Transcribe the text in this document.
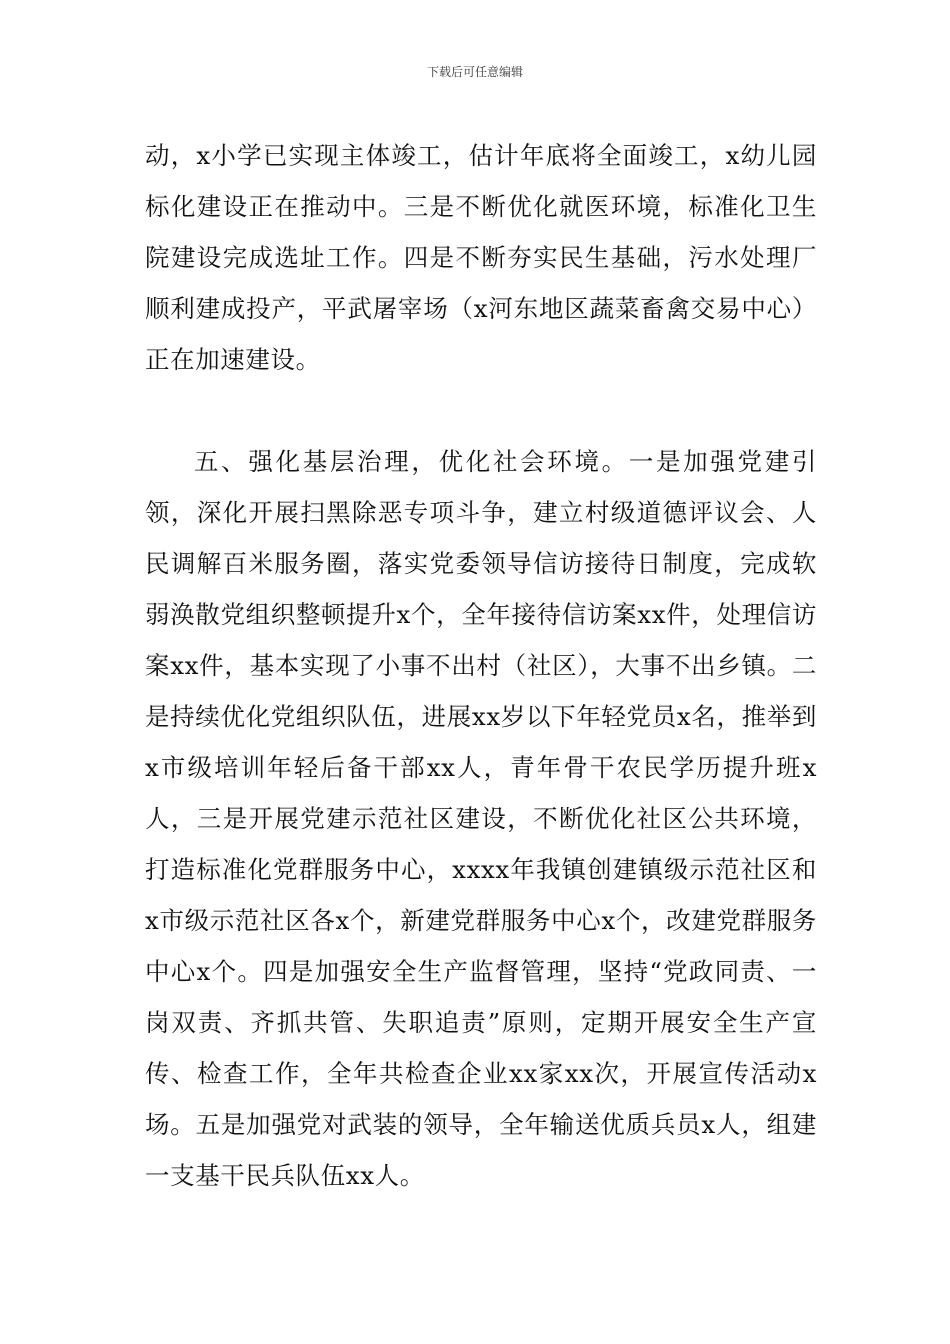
下载后可任意编辑

动，x小学已实现主体竣工，估计年底将全面竣工，x幼儿园标化建设正在推动中。三是不断优化就医环境，标准化卫生院建设完成选址工作。四是不断夯实民生基础，污水处理厂顺利建成投产，平武屠宰场（x河东地区蔬菜畜禽交易中心）正在加速建设。

五、强化基层治理，优化社会环境。一是加强党建引领，深化开展扫黑除恶专项斗争，建立村级道德评议会、人民调解百米服务圈，落实党委领导信访接待日制度，完成软弱涣散党组织整顿提升x个，全年接待信访案xx件，处理信访案xx件，基本实现了小事不出村（社区），大事不出乡镇。二是持续优化党组织队伍，进展xx岁以下年轻党员x名，推举到x市级培训年轻后备干部xx人，青年骨干农民学历提升班x人，三是开展党建示范社区建设，不断优化社区公共环境，打造标准化党群服务中心，xxxx年我镇创建镇级示范社区和x市级示范社区各x个，新建党群服务中心x个，改建党群服务中心x个。四是加强安全生产监督管理，坚持“党政同责、一岗双责、齐抓共管、失职追责”原则，定期开展安全生产宣传、检查工作，全年共检查企业xx家xx次，开展宣传活动x场。五是加强党对武装的领导，全年输送优质兵员x人，组建一支基干民兵队伍xx人。
